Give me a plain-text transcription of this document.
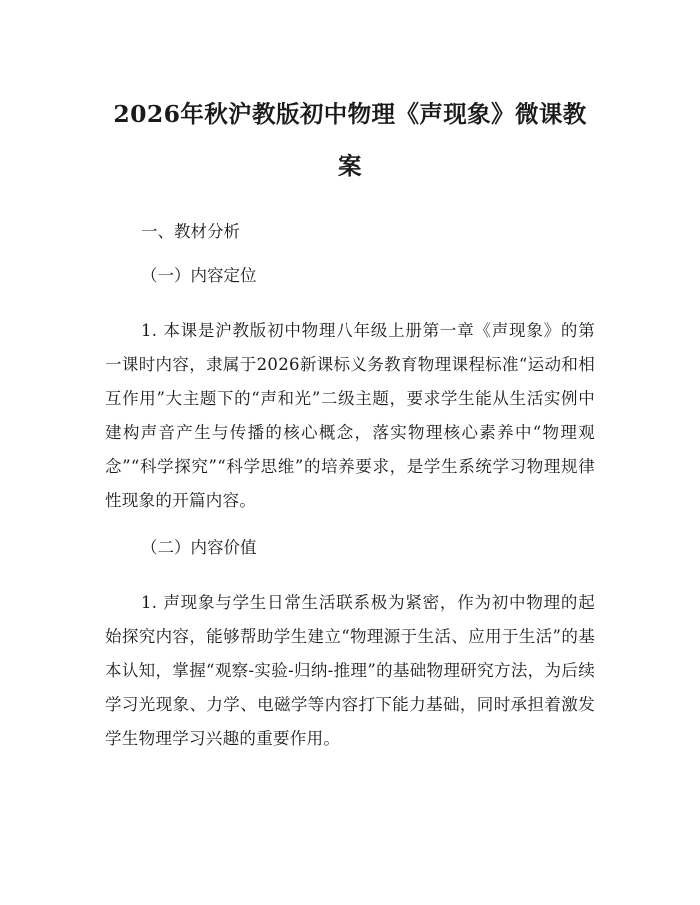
2026年秋沪教版初中物理《声现象》微课教案
一、教材分析
（一）内容定位

1. 本课是沪教版初中物理八年级上册第一章《声现象》的第一课时内容，隶属于2026新课标义务教育物理课程标准“运动和相互作用”大主题下的“声和光”二级主题，要求学生能从生活实例中建构声音产生与传播的核心概念，落实物理核心素养中“物理观念”“科学探究”“科学思维”的培养要求，是学生系统学习物理规律性现象的开篇内容。

（二）内容价值

1. 声现象与学生日常生活联系极为紧密，作为初中物理的起始探究内容，能够帮助学生建立“物理源于生活、应用于生活”的基本认知，掌握“观察-实验-归纳-推理”的基础物理研究方法，为后续学习光现象、力学、电磁学等内容打下能力基础，同时承担着激发学生物理学习兴趣的重要作用。
